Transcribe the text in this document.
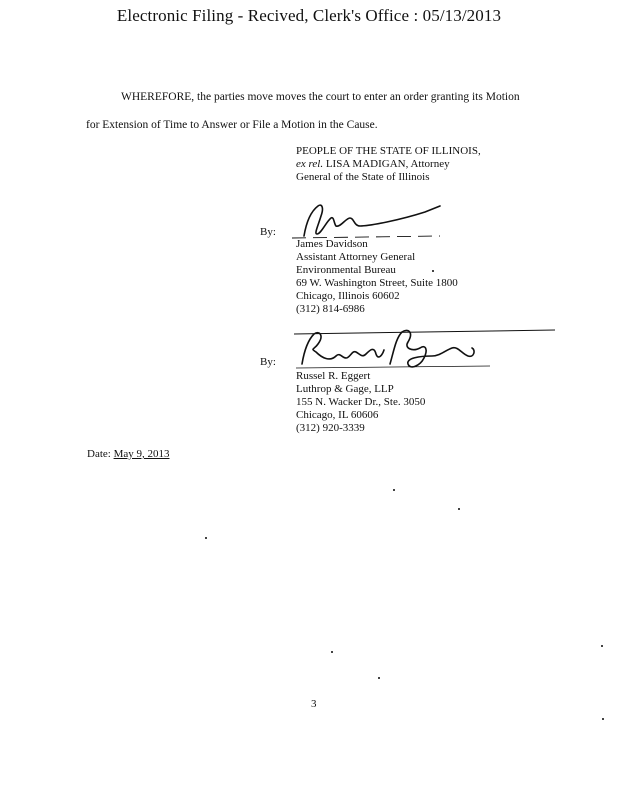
Electronic Filing - Recived, Clerk's Office : 05/13/2013
WHEREFORE, the parties move moves the court to enter an order granting its Motion
for Extension of Time to Answer or File a Motion in the Cause.
PEOPLE OF THE STATE OF ILLINOIS,
ex rel. LISA MADIGAN, Attorney
General of the State of Illinois
By:
James Davidson
Assistant Attorney General
Environmental Bureau
69 W. Washington Street, Suite 1800
Chicago, Illinois 60602
(312) 814-6986
By:
Russel R. Eggert
Luthrop & Gage, LLP
155 N. Wacker Dr., Ste. 3050
Chicago, IL 60606
(312) 920-3339
Date: May 9, 2013
3
